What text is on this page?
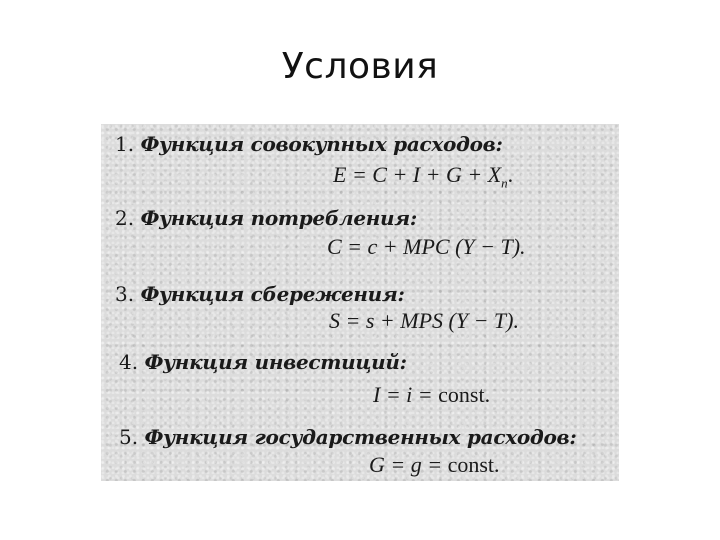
Условия
1. Функция совокупных расходов:
$E = C + I + G + X_n$.
2. Функция потребления:
C = c + MPC (Y − T).
3. Функция сбережения:
S = s + MPS (Y − T).
4. Функция инвестиций:
I = i = const.
5. Функция государственных расходов:
G = g = const.
